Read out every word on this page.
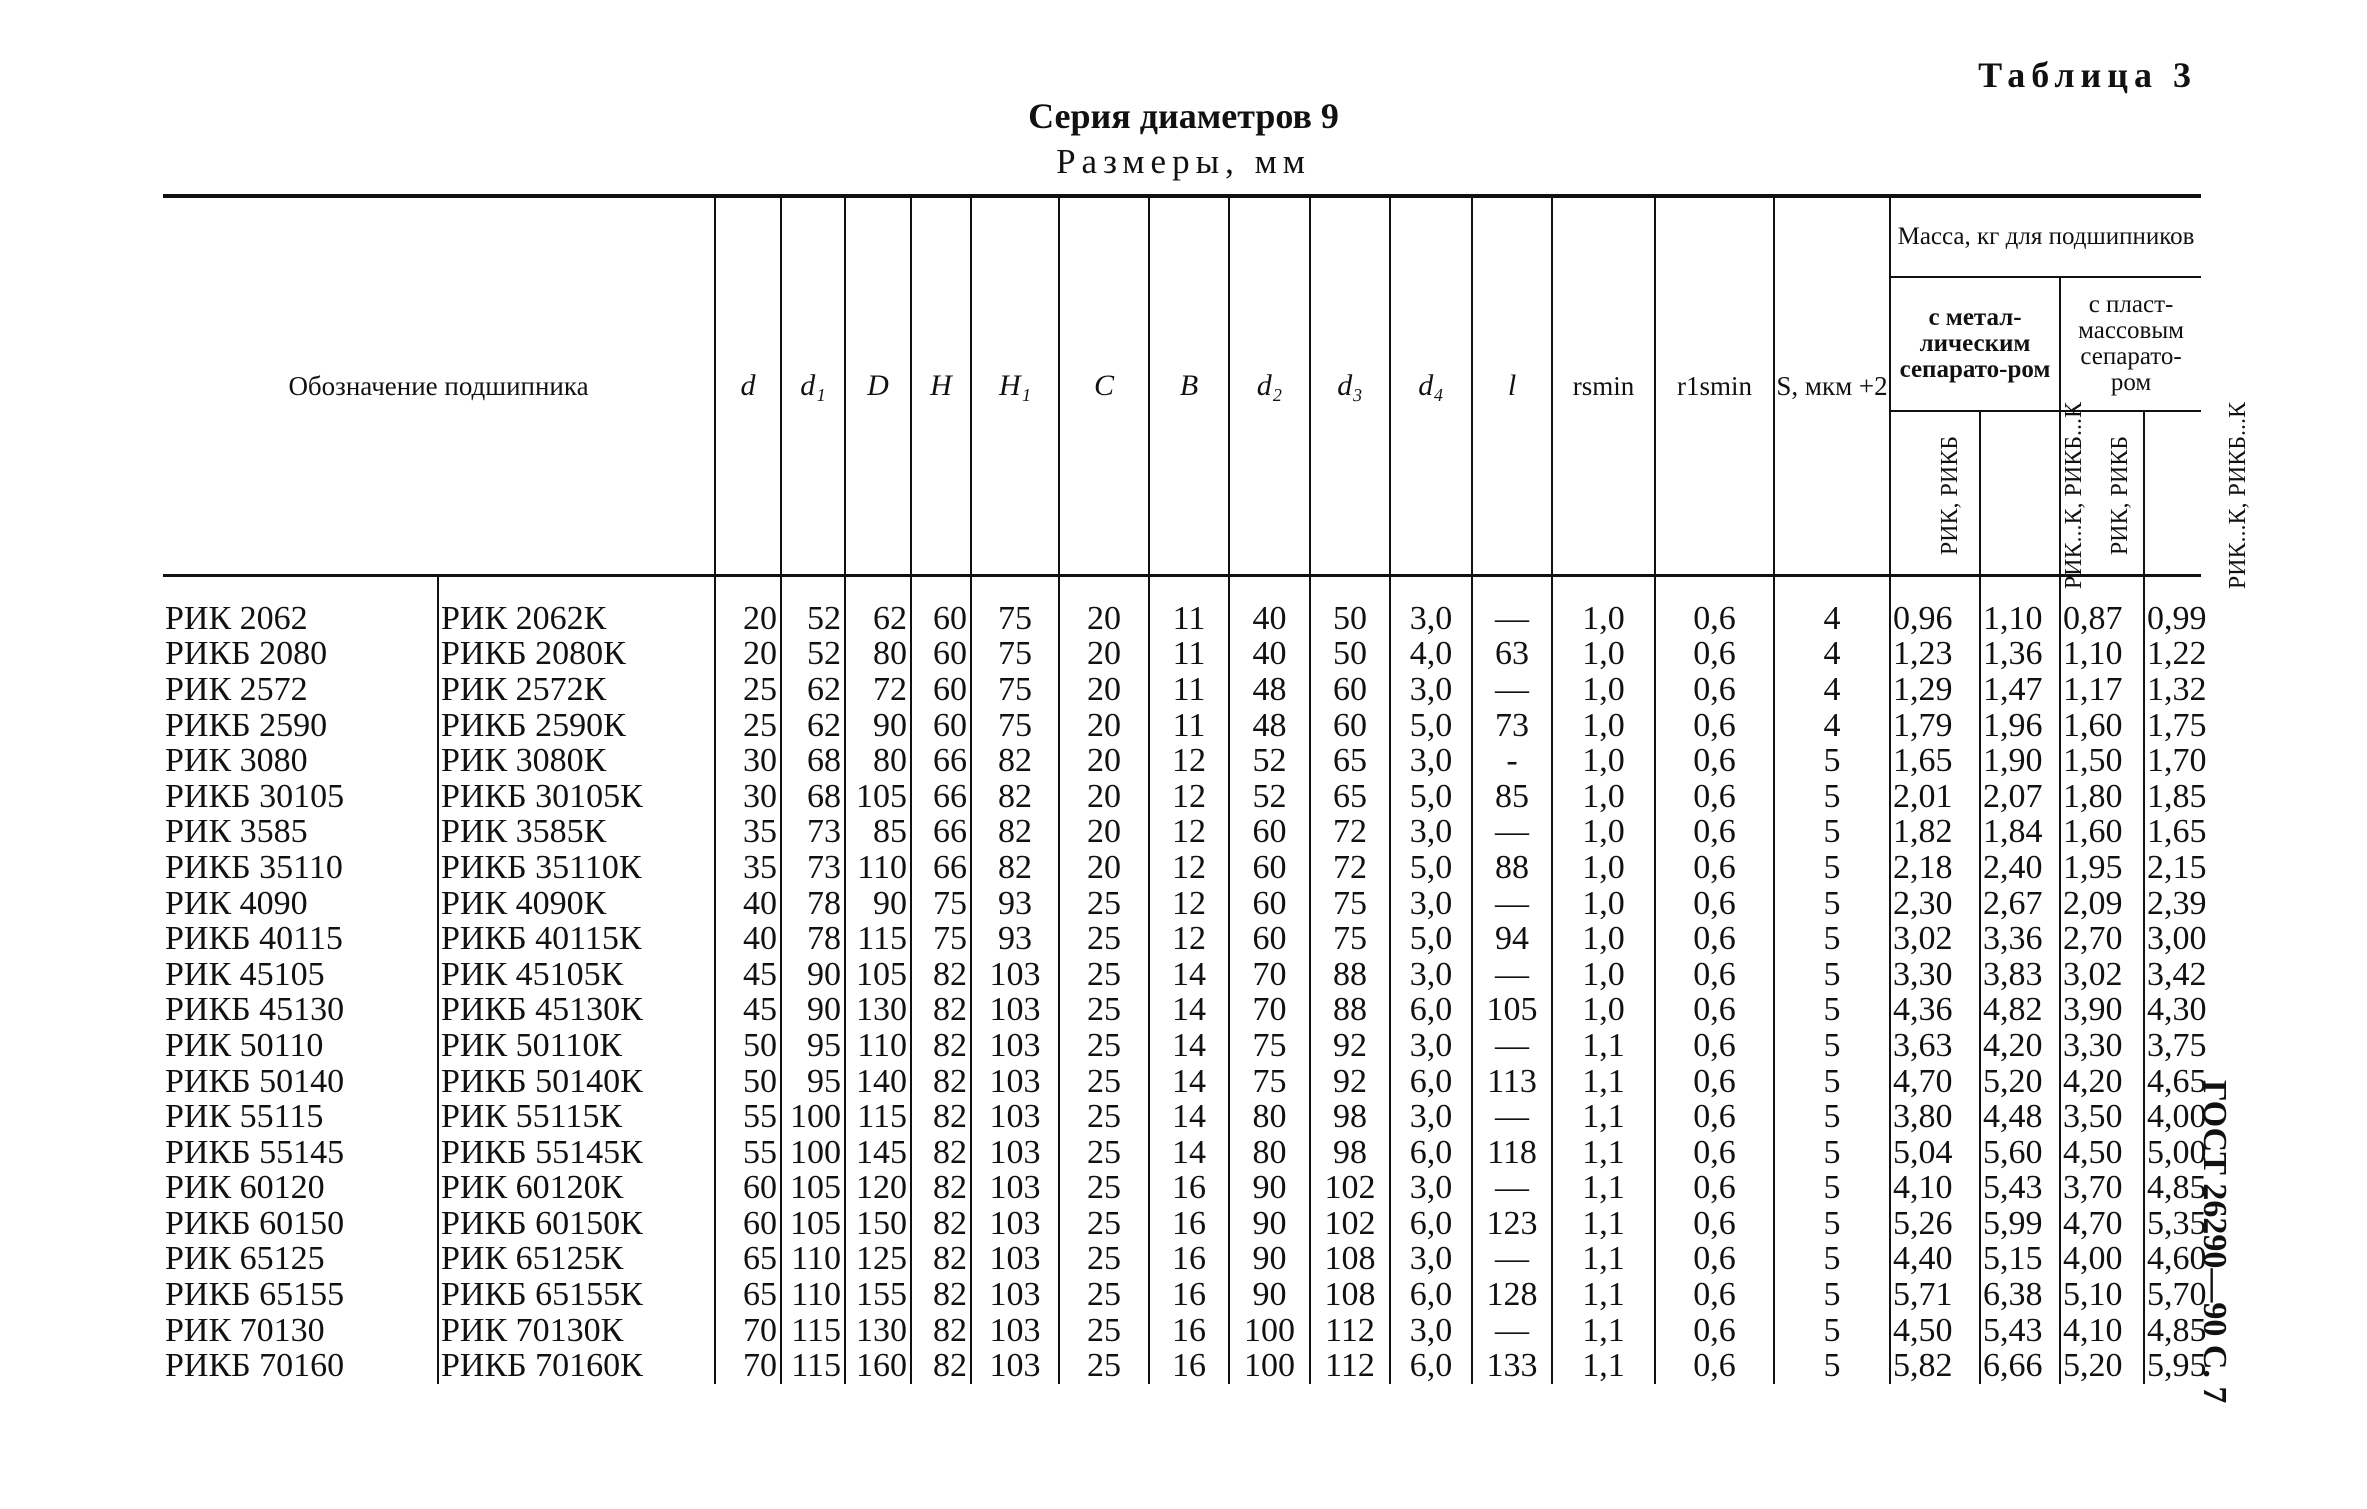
Таблица 3
Серия диаметров 9
Размеры, мм
ГОСТ 26290—90 С. 7
Обозначение подшипника		d	d₁	D	H	H₁	C	B	d₂	d₃	d₄	l	rsmin	r1smin	S, мкм +2	Масса, кг для подшипников			
																с метал-лическим сепарато-ром		с пласт-массовым сепарато-ром	
																РИК, РИКБ	РИК...К, РИКБ...К	РИК, РИКБ	РИК...К, РИКБ...К
РИК 2062	РИК 2062К	20	52	62	60	75	20	11	40	50	3,0	—	1,0	0,6	4	0,96	1,10	0,87	0,99
РИКБ 2080	РИКБ 2080К	20	52	80	60	75	20	11	40	50	4,0	63	1,0	0,6	4	1,23	1,36	1,10	1,22
РИК 2572	РИК 2572К	25	62	72	60	75	20	11	48	60	3,0	—	1,0	0,6	4	1,29	1,47	1,17	1,32
РИКБ 2590	РИКБ 2590К	25	62	90	60	75	20	11	48	60	5,0	73	1,0	0,6	4	1,79	1,96	1,60	1,75
РИК 3080	РИК 3080К	30	68	80	66	82	20	12	52	65	3,0	-	1,0	0,6	5	1,65	1,90	1,50	1,70
РИКБ 30105	РИКБ 30105К	30	68	105	66	82	20	12	52	65	5,0	85	1,0	0,6	5	2,01	2,07	1,80	1,85
РИК 3585	РИК 3585К	35	73	85	66	82	20	12	60	72	3,0	—	1,0	0,6	5	1,82	1,84	1,60	1,65
РИКБ 35110	РИКБ 35110К	35	73	110	66	82	20	12	60	72	5,0	88	1,0	0,6	5	2,18	2,40	1,95	2,15
РИК 4090	РИК 4090К	40	78	90	75	93	25	12	60	75	3,0	—	1,0	0,6	5	2,30	2,67	2,09	2,39
РИКБ 40115	РИКБ 40115К	40	78	115	75	93	25	12	60	75	5,0	94	1,0	0,6	5	3,02	3,36	2,70	3,00
РИК 45105	РИК 45105К	45	90	105	82	103	25	14	70	88	3,0	—	1,0	0,6	5	3,30	3,83	3,02	3,42
РИКБ 45130	РИКБ 45130К	45	90	130	82	103	25	14	70	88	6,0	105	1,0	0,6	5	4,36	4,82	3,90	4,30
РИК 50110	РИК 50110К	50	95	110	82	103	25	14	75	92	3,0	—	1,1	0,6	5	3,63	4,20	3,30	3,75
РИКБ 50140	РИКБ 50140К	50	95	140	82	103	25	14	75	92	6,0	113	1,1	0,6	5	4,70	5,20	4,20	4,65
РИК 55115	РИК 55115К	55	100	115	82	103	25	14	80	98	3,0	—	1,1	0,6	5	3,80	4,48	3,50	4,00
РИКБ 55145	РИКБ 55145К	55	100	145	82	103	25	14	80	98	6,0	118	1,1	0,6	5	5,04	5,60	4,50	5,00
РИК 60120	РИК 60120К	60	105	120	82	103	25	16	90	102	3,0	—	1,1	0,6	5	4,10	5,43	3,70	4,85
РИКБ 60150	РИКБ 60150К	60	105	150	82	103	25	16	90	102	6,0	123	1,1	0,6	5	5,26	5,99	4,70	5,35
РИК 65125	РИК 65125К	65	110	125	82	103	25	16	90	108	3,0	—	1,1	0,6	5	4,40	5,15	4,00	4,60
РИКБ 65155	РИКБ 65155К	65	110	155	82	103	25	16	90	108	6,0	128	1,1	0,6	5	5,71	6,38	5,10	5,70
РИК 70130	РИК 70130К	70	115	130	82	103	25	16	100	112	3,0	—	1,1	0,6	5	4,50	5,43	4,10	4,85
РИКБ 70160	РИКБ 70160К	70	115	160	82	103	25	16	100	112	6,0	133	1,1	0,6	5	5,82	6,66	5,20	5,95
